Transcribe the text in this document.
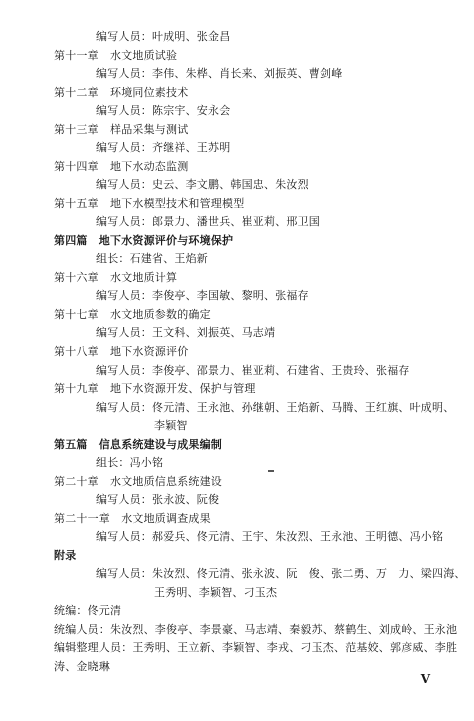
编写人员：叶成明、张金昌
第十一章　水文地质试验
编写人员：李伟、朱桦、肖长来、刘振英、曹剑峰
第十二章　环境同位素技术
编写人员：陈宗宇、安永会
第十三章　样品采集与测试
编写人员：齐继祥、王苏明
第十四章　地下水动态监测
编写人员：史云、李文鹏、韩国忠、朱汝烈
第十五章　地下水模型技术和管理模型
编写人员：郎景力、潘世兵、崔亚莉、邢卫国
第四篇　地下水资源评价与环境保护
组长：石建省、王焰新
第十六章　水文地质计算
编写人员：李俊亭、李国敏、黎明、张福存
第十七章　水文地质参数的确定
编写人员：王文科、刘振英、马志靖
第十八章　地下水资源评价
编写人员：李俊亭、邵景力、崔亚莉、石建省、王贵玲、张福存
第十九章　地下水资源开发、保护与管理
编写人员：佟元清、王永池、孙继朝、王焰新、马腾、王红旗、叶成明、
李颖智
第五篇　信息系统建设与成果编制
组长：冯小铭
第二十章　水文地质信息系统建设
编写人员：张永波、阮俊
第二十一章　水文地质调查成果
编写人员：郝爱兵、佟元清、王宇、朱汝烈、王永池、王明德、冯小铭
附录
编写人员：朱汝烈、佟元清、张永波、阮　俊、张二勇、万　力、梁四海、
王秀明、李颖智、刁玉杰
统编：佟元清
统编人员：朱汝烈、李俊亭、李景豪、马志靖、秦毅苏、蔡鹤生、刘成岭、王永池
编辑整理人员：王秀明、王立新、李颖智、李戎、刁玉杰、范基姣、郭彦威、李胜
涛、金晓琳
V
